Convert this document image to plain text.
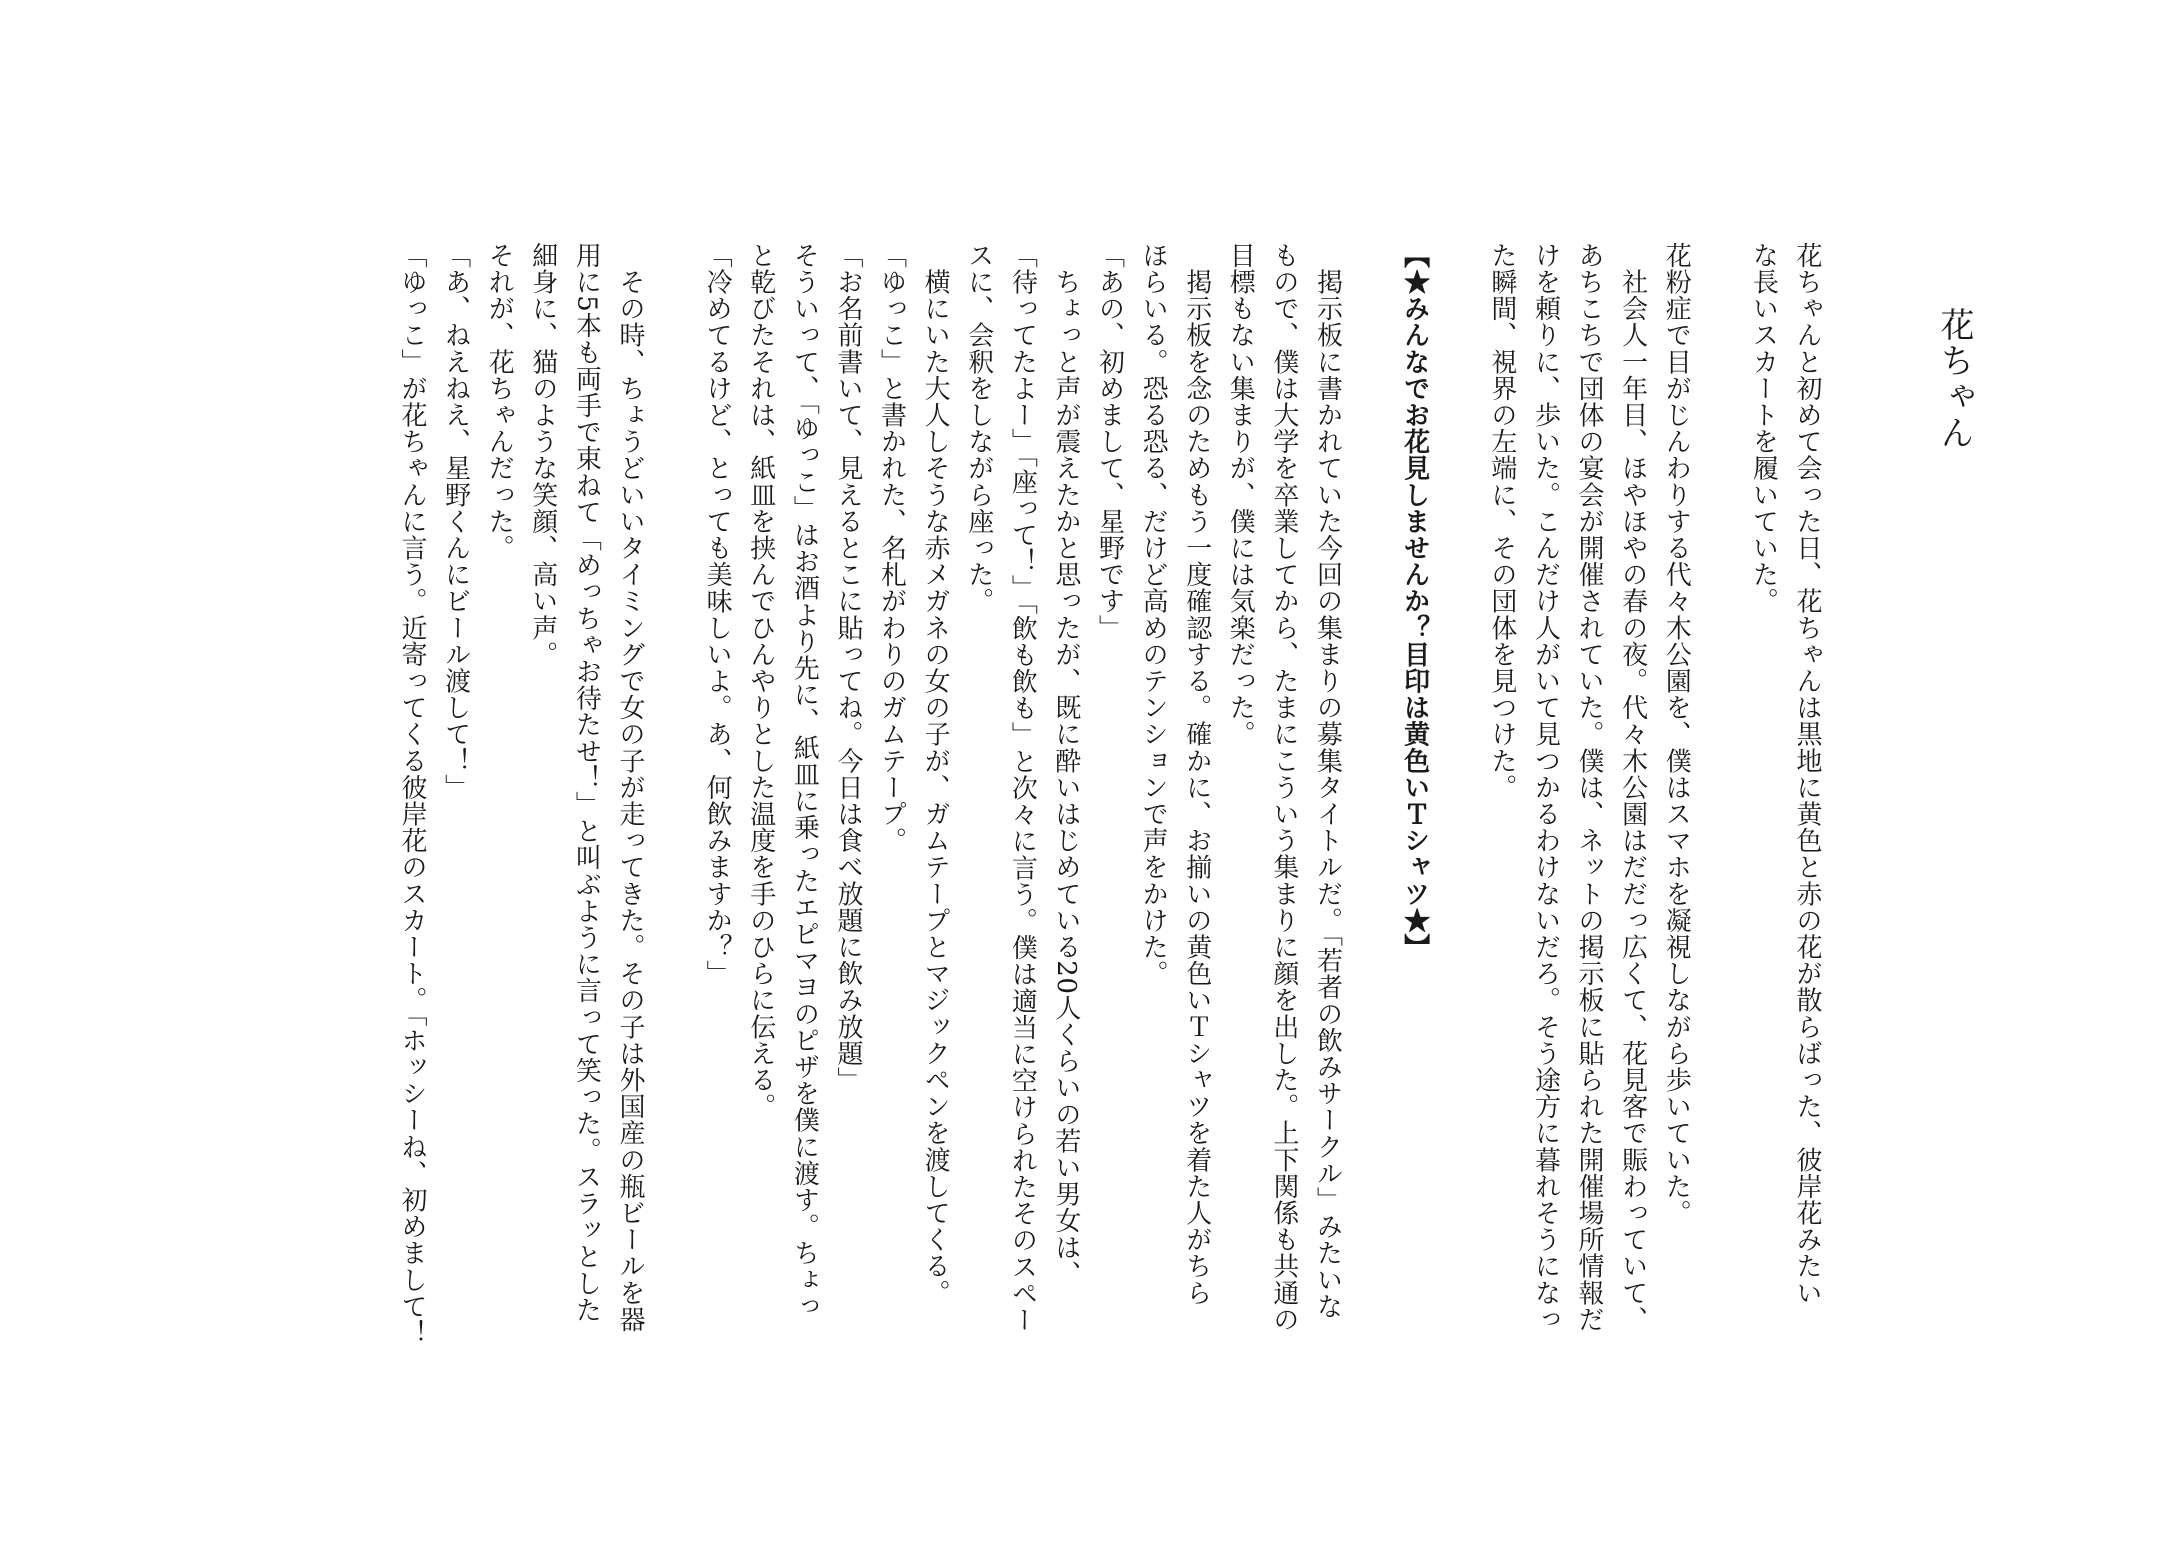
花ちゃん
花ちゃんと初めて会った日、花ちゃんは黒地に黄色と赤の花が散らばった、彼岸花みたい
な長いスカートを履いていた。
花粉症で目がじんわりする代々木公園を、僕はスマホを凝視しながら歩いていた。
　社会人一年目、ほやほやの春の夜。代々木公園はだだっ広くて、花見客で賑わっていて、
あちこちで団体の宴会が開催されていた。僕は、ネットの掲示板に貼られた開催場所情報だ
けを頼りに、歩いた。こんだけ人がいて見つかるわけないだろ。そう途方に暮れそうになっ
た瞬間、視界の左端に、その団体を見つけた。
【★みんなでお花見しませんか？目印は黄色いＴシャツ★】
　掲示板に書かれていた今回の集まりの募集タイトルだ。「若者の飲みサークル」みたいな
もので、僕は大学を卒業してから、たまにこういう集まりに顔を出した。上下関係も共通の
目標もない集まりが、僕には気楽だった。
　掲示板を念のためもう一度確認する。確かに、お揃いの黄色いＴシャツを着た人がちら
ほらいる。恐る恐る、だけど高めのテンションで声をかけた。
「あの、初めまして、星野です」
　ちょっと声が震えたかと思ったが、既に酔いはじめている20人くらいの若い男女は、
「待ってたよー」「座って！」「飲も飲も」と次々に言う。僕は適当に空けられたそのスペー
スに、会釈をしながら座った。
　横にいた大人しそうな赤メガネの女の子が、ガムテープとマジックペンを渡してくる。
「ゆっこ」と書かれた、名札がわりのガムテープ。
「お名前書いて、見えるとこに貼ってね。今日は食べ放題に飲み放題」
そういって、「ゆっこ」はお酒より先に、紙皿に乗ったエピマヨのピザを僕に渡す。ちょっ
と乾びたそれは、紙皿を挟んでひんやりとした温度を手のひらに伝える。
「冷めてるけど、とっても美味しいよ。あ、何飲みますか？」
　その時、ちょうどいいタイミングで女の子が走ってきた。その子は外国産の瓶ビールを器
用に5本も両手で束ねて「めっちゃお待たせ！」と叫ぶように言って笑った。スラッとした
細身に、猫のような笑顔、高い声。
それが、花ちゃんだった。
「あ、ねえねえ、星野くんにビール渡して！」
「ゆっこ」が花ちゃんに言う。近寄ってくる彼岸花のスカート。「ホッシーね、初めまして！
